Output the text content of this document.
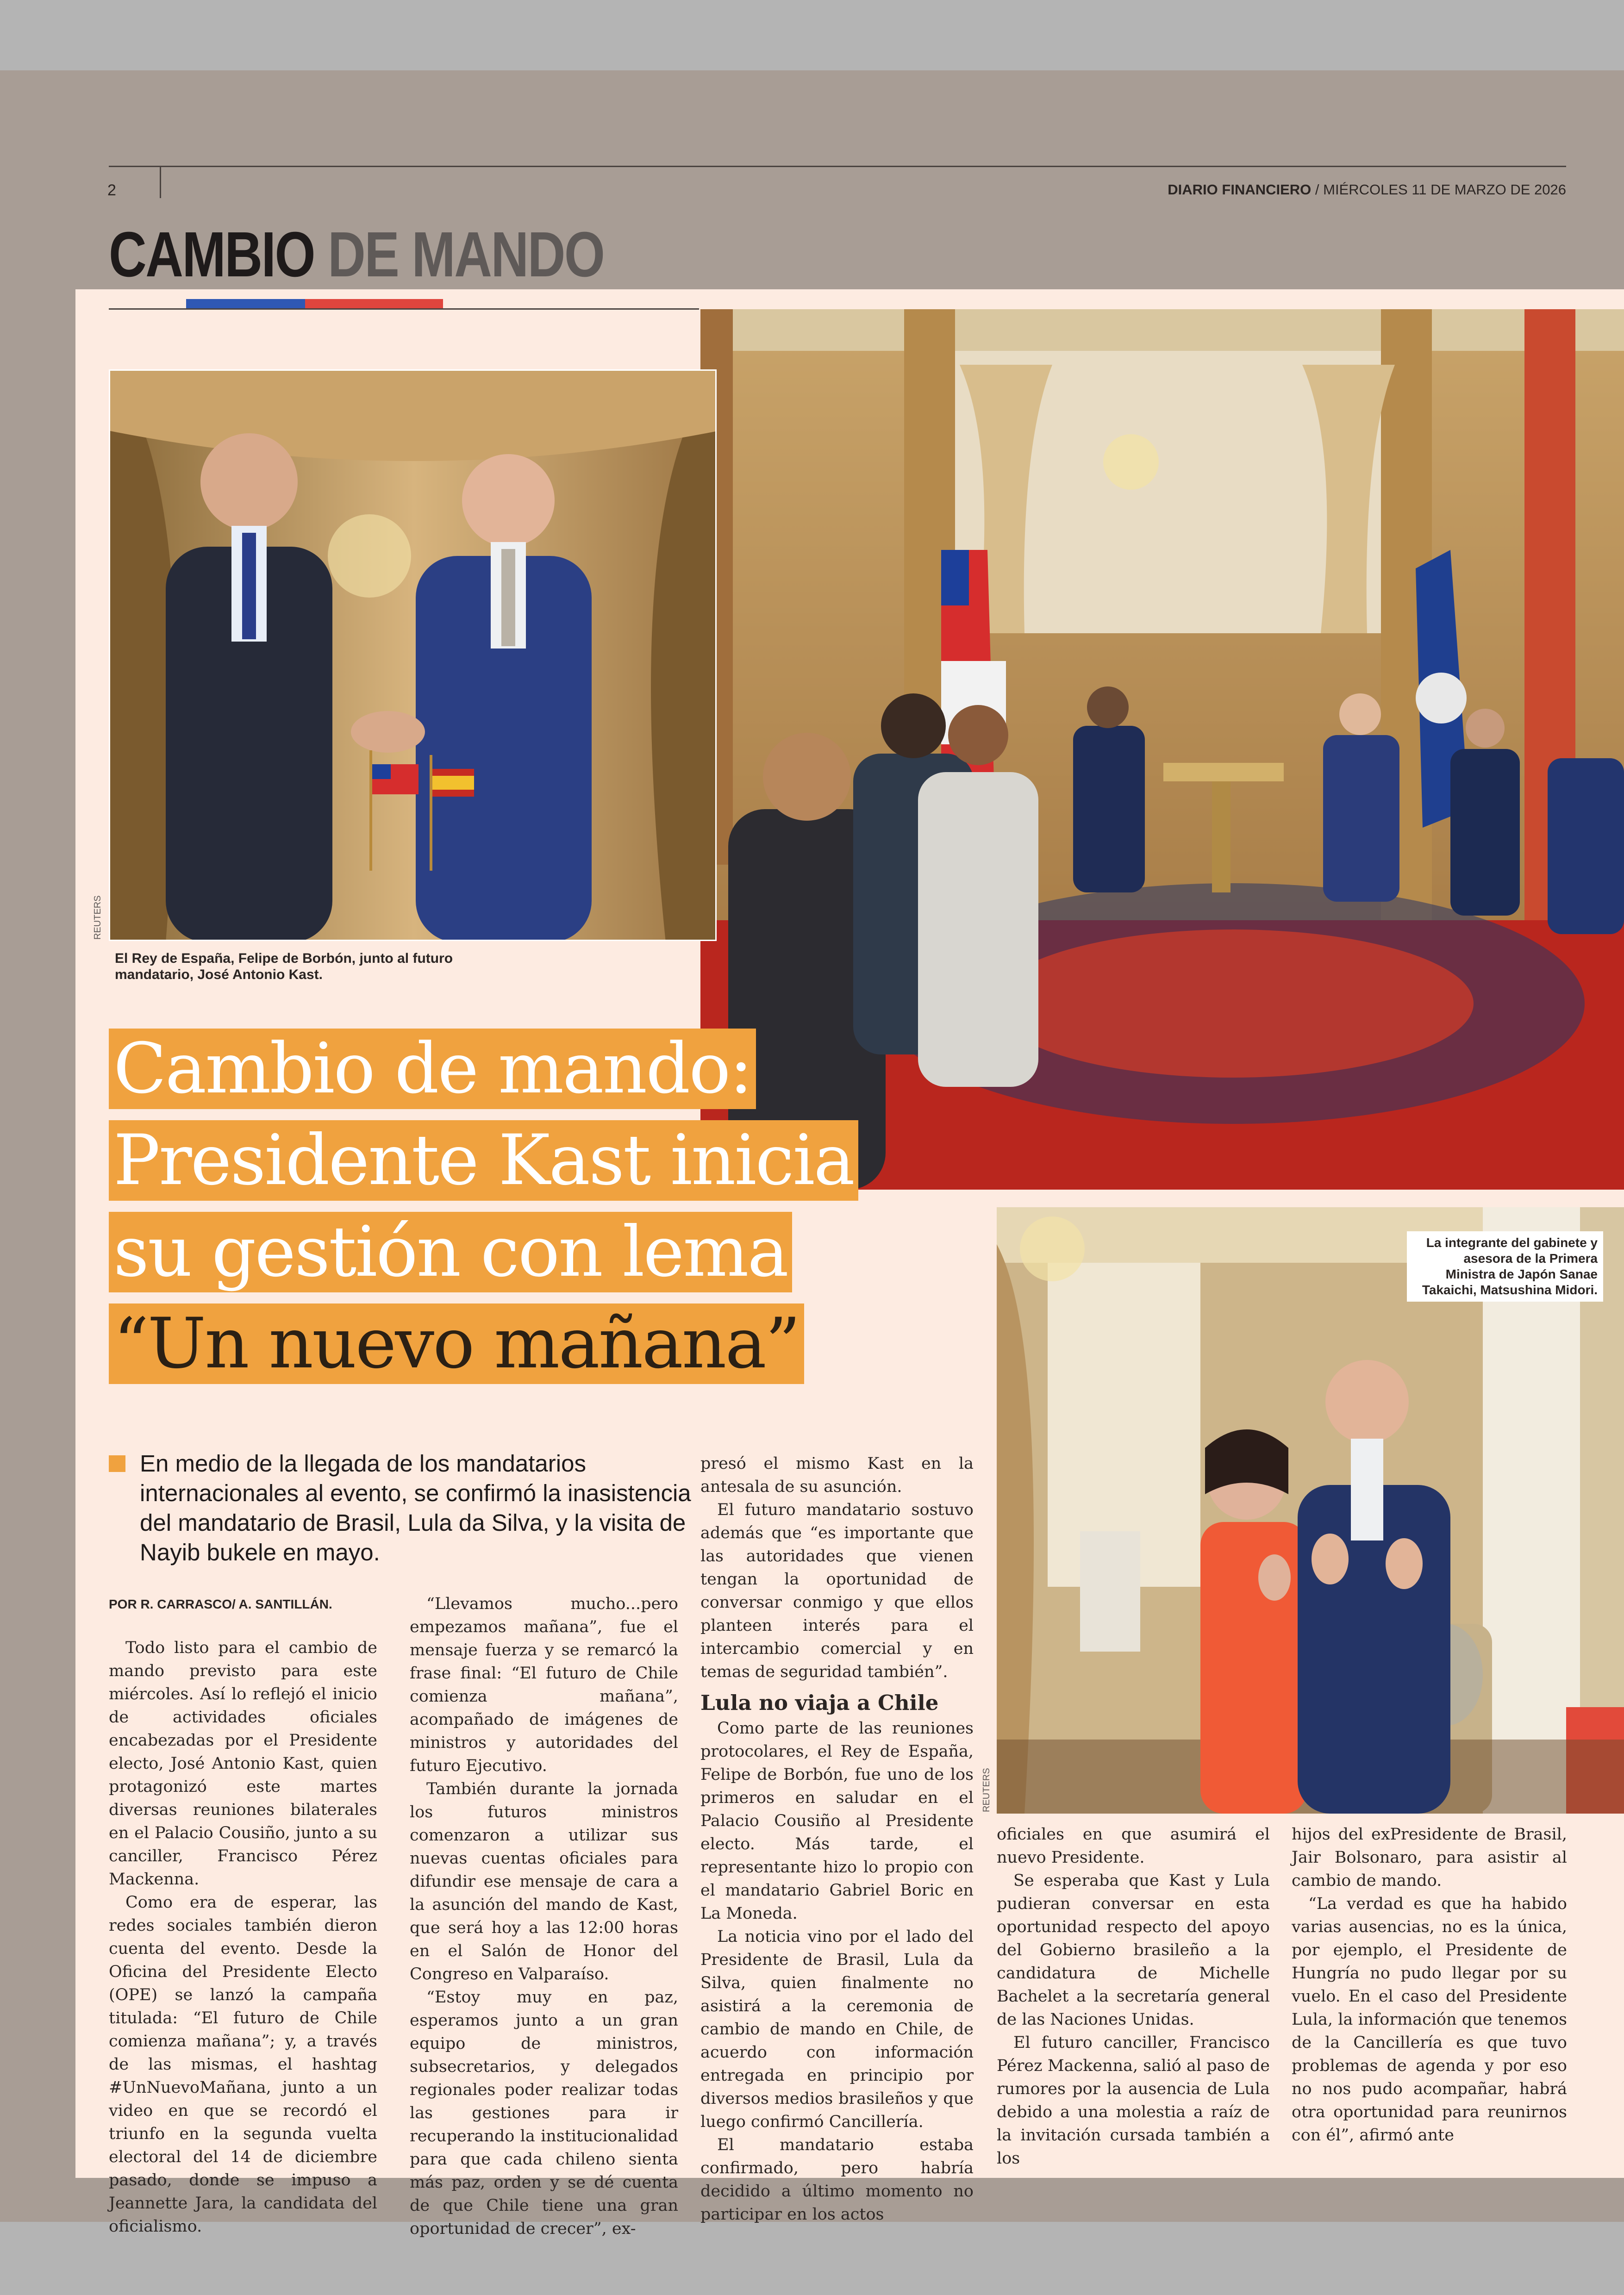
2	DIARIO FINANCIERO / MIÉRCOLES 11 DE MARZO DE 2026
CAMBIO DE MANDO
REUTERS
El Rey de España, Felipe de Borbón, junto al futuro mandatario, José Antonio Kast.
La integrante del gabinete y asesora de la Primera Ministra de Japón Sanae Takaichi, Matsushina Midori.
REUTERS
Cambio de mando:
Presidente Kast inicia
su gestión con lema
“Un nuevo mañana”
En medio de la llegada de los mandatarios internacionales al evento, se confirmó la inasistencia del mandatario de Brasil, Lula da Silva, y la visita de Nayib bukele en mayo.
POR R. CARRASCO/ A. SANTILLÁN.

Todo listo para el cambio de mando previsto para este miércoles. Así lo reflejó el inicio de actividades oficiales encabezadas por el Presidente electo, José Antonio Kast, quien protagonizó este martes diversas reuniones bilaterales en el Palacio Cousiño, junto a su canciller, Francisco Pérez Mackenna.

Como era de esperar, las redes sociales también dieron cuenta del evento. Desde la Oficina del Presidente Electo (OPE) se lanzó la campaña titulada: “El futuro de Chile comienza mañana”; y, a través de las mismas, el hashtag #UnNuevoMañana, junto a un video en que se recordó el triunfo en la segunda vuelta electoral del 14 de diciembre pasado, donde se impuso a Jeannette Jara, la candidata del oficialismo.

“Llevamos mucho...pero empezamos mañana”, fue el mensaje fuerza y se remarcó la frase final: “El futuro de Chile comienza mañana”, acompañado de imágenes de ministros y autoridades del futuro Ejecutivo.

También durante la jornada los futuros ministros comenzaron a utilizar sus nuevas cuentas oficiales para difundir ese mensaje de cara a la asunción del mando de Kast, que será hoy a las 12:00 horas en el Salón de Honor del Congreso en Valparaíso.

“Estoy muy en paz, esperamos junto a un gran equipo de ministros, subsecretarios, y delegados regionales poder realizar todas las gestiones para ir recuperando la institucionalidad para que cada chileno sienta más paz, orden y se dé cuenta de que Chile tiene una gran oportunidad de crecer”, ex-

presó el mismo Kast en la antesala de su asunción.

El futuro mandatario sostuvo además que “es importante que las autoridades que vienen tengan la oportunidad de conversar conmigo y que ellos planteen interés para el intercambio comercial y en temas de seguridad también”.

Lula no viaja a Chile

Como parte de las reuniones protocolares, el Rey de España, Felipe de Borbón, fue uno de los primeros en saludar en el Palacio Cousiño al Presidente electo. Más tarde, el representante hizo lo propio con el mandatario Gabriel Boric en La Moneda.

La noticia vino por el lado del Presidente de Brasil, Lula da Silva, quien finalmente no asistirá a la ceremonia de cambio de mando en Chile, de acuerdo con información entregada en principio por diversos medios brasileños y que luego confirmó Cancillería.

El mandatario estaba confirmado, pero habría decidido a último momento no participar en los actos

oficiales en que asumirá el nuevo Presidente.

Se esperaba que Kast y Lula pudieran conversar en esta oportunidad respecto del apoyo del Gobierno brasileño a la candidatura de Michelle Bachelet a la secretaría general de las Naciones Unidas.

El futuro canciller, Francisco Pérez Mackenna, salió al paso de rumores por la ausencia de Lula debido a una molestia a raíz de la invitación cursada también a los

hijos del exPresidente de Brasil, Jair Bolsonaro, para asistir al cambio de mando.

“La verdad es que ha habido varias ausencias, no es la única, por ejemplo, el Presidente de Hungría no pudo llegar por su vuelo. En el caso del Presidente Lula, la información que tenemos de la Cancillería es que tuvo problemas de agenda y por eso no nos pudo acompañar, habrá otra oportunidad para reunirnos con él”, afirmó ante
